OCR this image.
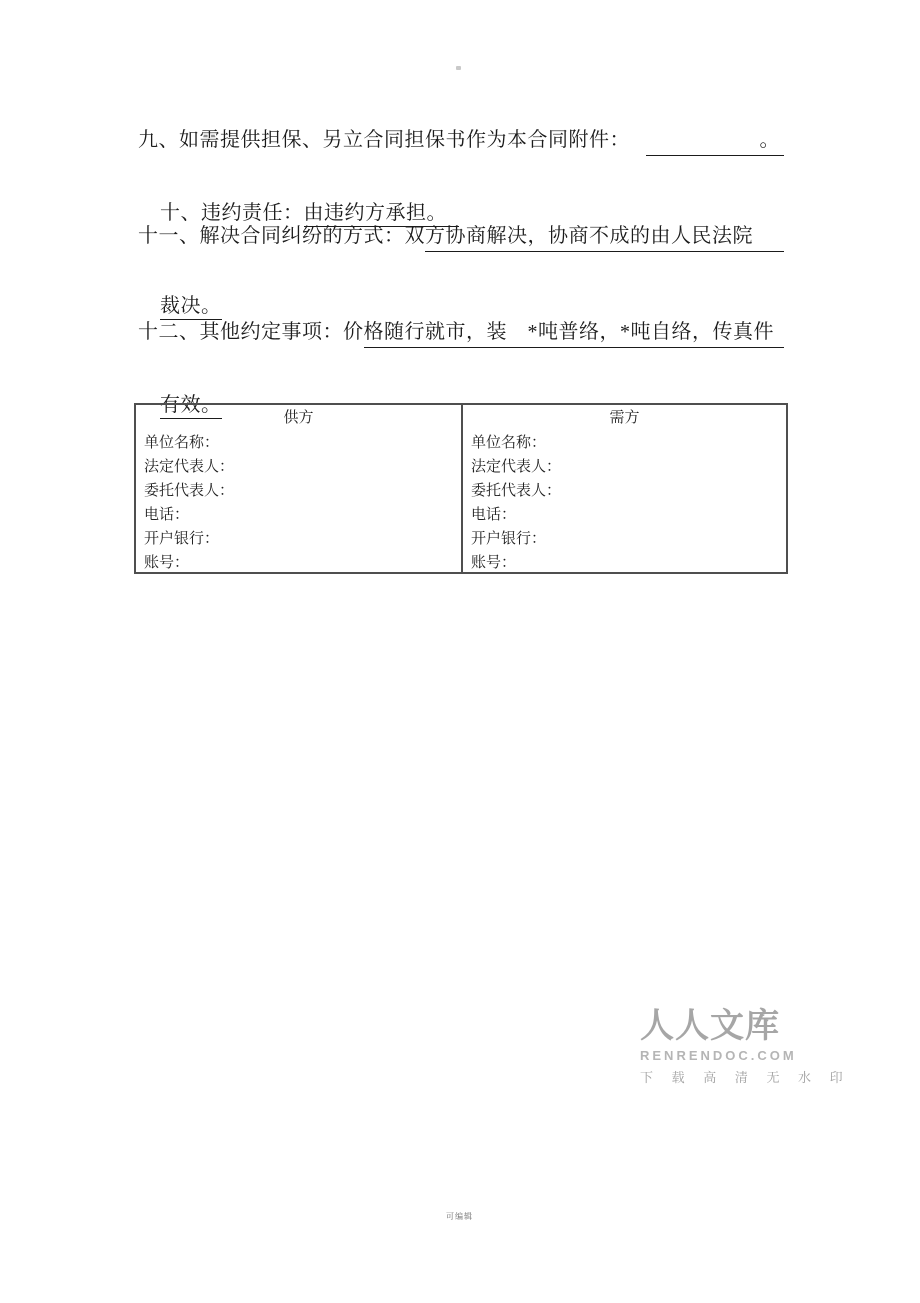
九、如需提供担保、另立合同担保书作为本合同附件：	。

十、违约责任：由违约方承担。

十一、解决合同纠纷的方式：双 方协商解决，协商不成的由人民法院

裁决。

十二、其他约定事项：价 格随行就市，装　*吨普络，*吨自络，传真件

有效。

供方
单位名称：
法定代表人：
委托代表人：
电话：
开户银行：
账号：
需方
单位名称：
法定代表人：
委托代表人：
电话：
开户银行：
账号：
人人文库
RENRENDOC.COM
下 载 高 清 无 水 印
可编辑
